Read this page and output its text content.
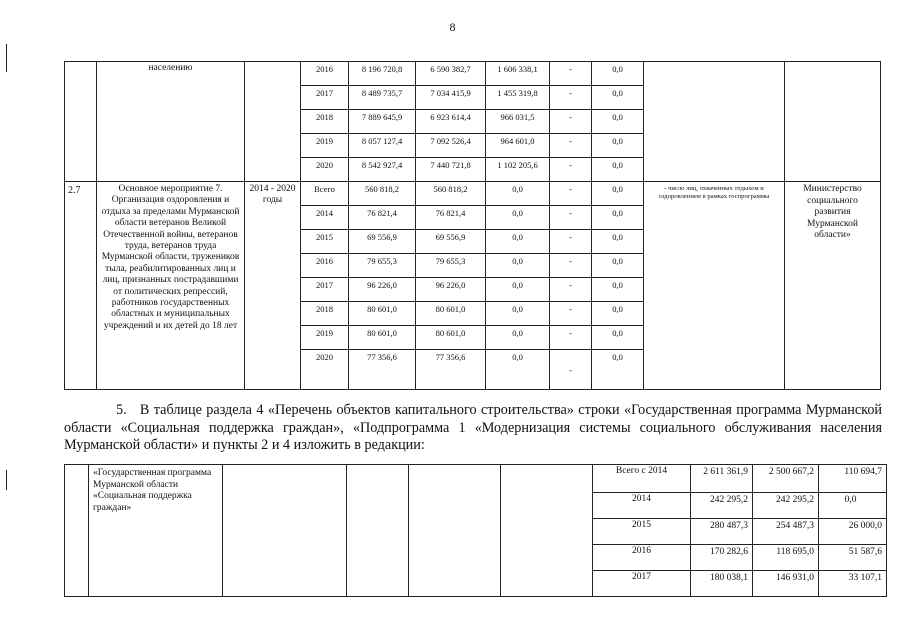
8
	населению		2016	8 196 720,8	6 590 382,7	1 606 338,1	-	0,0		
			2017	8 489 735,7	7 034 415,9	1 455 319,8	-	0,0		
			2018	7 889 645,9	6 923 614,4	966 031,5	-	0,0		
			2019	8 057 127,4	7 092 526,4	964 601,0	-	0,0		
			2020	8 542 927,4	7 440 721,8	1 102 205,6	-	0,0		
2.7	Основное мероприятие 7. Организация оздоровления и отдыха за пределами Мурманской области ветеранов Великой Отечественной войны, ветеранов труда, ветеранов труда Мурманской области, тружеников тыла, реабилитированных лиц и лиц, признанных пострадавшими от политических репрессий, работников государственных областных и муниципальных учреждений и их детей до 18 лет	2014 - 2020 годы	Всего	560 818,2	560 818,2	0,0	-	0,0	- число лиц, охваченных отдыхом и оздоровлением в рамках госпрограммы	Министерство социального развития Мурманской области»
			2014	76 821,4	76 821,4	0,0	-	0,0		
			2015	69 556,9	69 556,9	0,0	-	0,0		
			2016	79 655,3	79 655,3	0,0	-	0,0		
			2017	96 226,0	96 226,0	0,0	-	0,0		
			2018	80 601,0	80 601,0	0,0	-	0,0		
			2019	80 601,0	80 601,0	0,0	-	0,0		
			2020	77 356,6	77 356,6	0,0	-	0,0		

5. В таблице раздела 4 «Перечень объектов капитального строительства» строки «Государственная программа Мурманской области «Социальная поддержка граждан», «Подпрограмма 1 «Модернизация системы социального обслуживания населения Мурманской области» и пункты 2 и 4 изложить в редакции:

	«Государственная программа Мурманской области «Социальная поддержка граждан»					Всего с 2014	2 611 361,9	2 500 667,2	110 694,7
						2014	242 295,2	242 295,2	0,0
						2015	280 487,3	254 487,3	26 000,0
						2016	170 282,6	118 695,0	51 587,6
						2017	180 038,1	146 931,0	33 107,1
